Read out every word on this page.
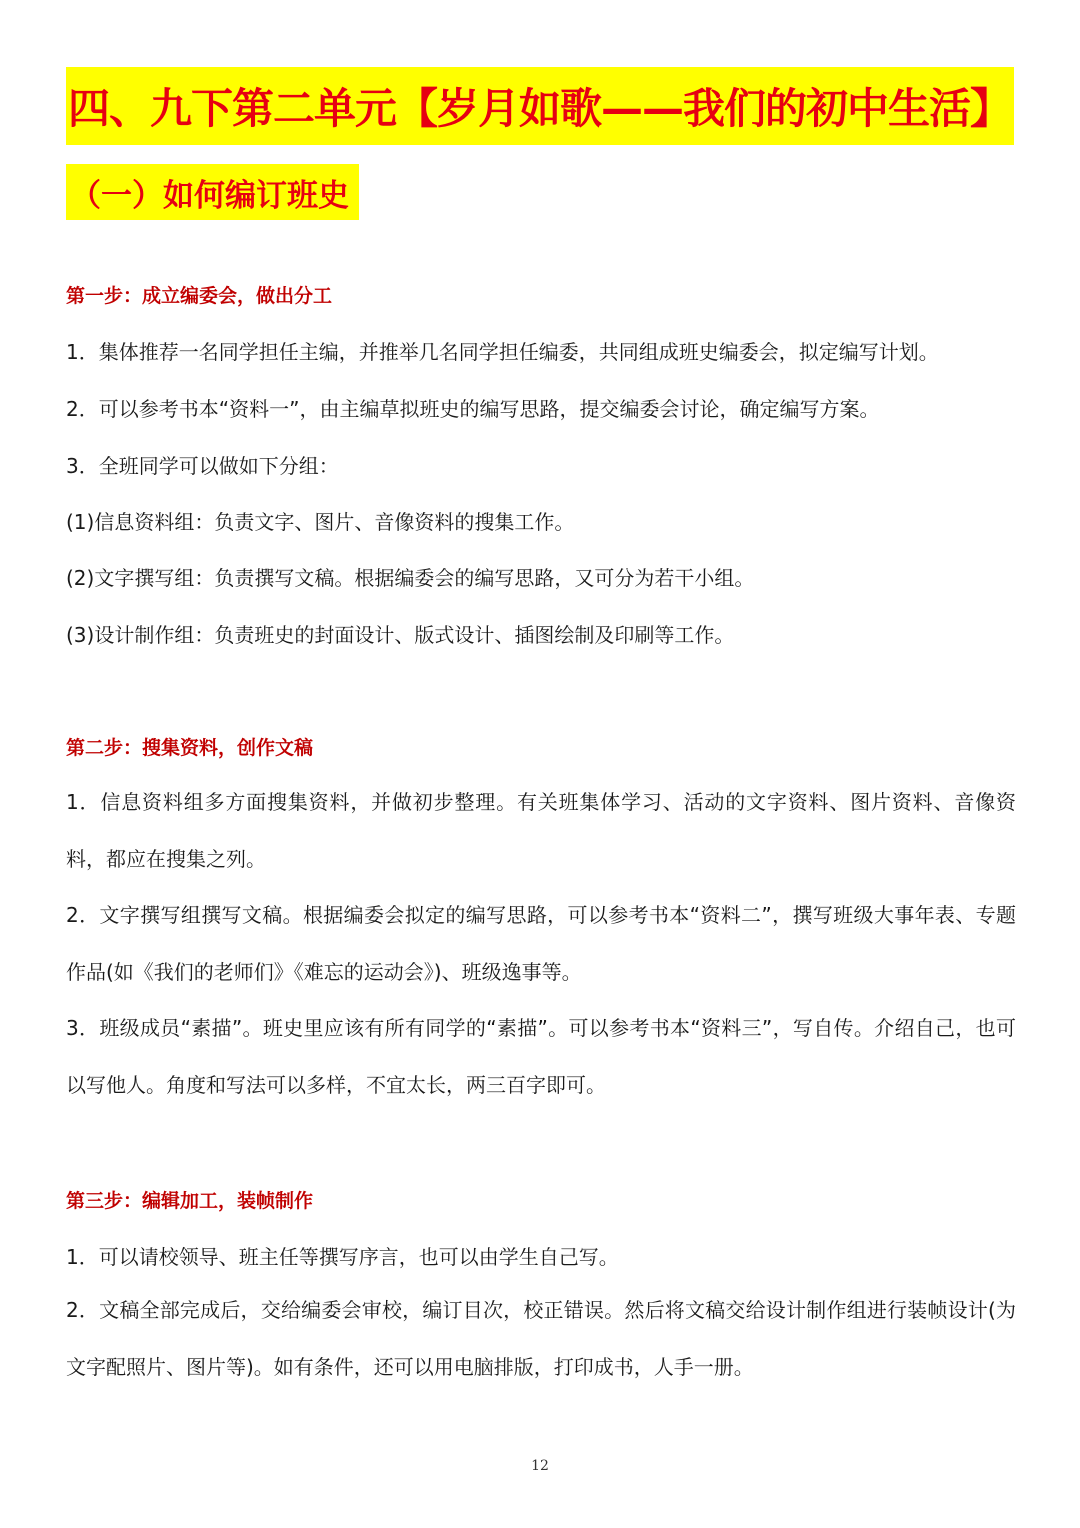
四、九下第二单元【岁月如歌——我们的初中生活】
（一）如何编订班史
第一步：成立编委会，做出分工
1．集体推荐一名同学担任主编，并推举几名同学担任编委，共同组成班史编委会，拟定编写计划。
2．可以参考书本“资料一”，由主编草拟班史的编写思路，提交编委会讨论，确定编写方案。
3．全班同学可以做如下分组：
(1)信息资料组：负责文字、图片、音像资料的搜集工作。
(2)文字撰写组：负责撰写文稿。根据编委会的编写思路，又可分为若干小组。
(3)设计制作组：负责班史的封面设计、版式设计、插图绘制及印刷等工作。
第二步：搜集资料，创作文稿
1．信息资料组多方面搜集资料，并做初步整理。有关班集体学习、活动的文字资料、图片资料、音像资料，都应在搜集之列。
2．文字撰写组撰写文稿。根据编委会拟定的编写思路，可以参考书本“资料二”，撰写班级大事年表、专题作品(如《我们的老师们》《难忘的运动会》)、班级逸事等。
3．班级成员“素描”。班史里应该有所有同学的“素描”。可以参考书本“资料三”，写自传。介绍自己，也可以写他人。角度和写法可以多样，不宜太长，两三百字即可。
第三步：编辑加工，装帧制作
1．可以请校领导、班主任等撰写序言，也可以由学生自己写。
2．文稿全部完成后，交给编委会审校，编订目次，校正错误。然后将文稿交给设计制作组进行装帧设计(为文字配照片、图片等)。如有条件，还可以用电脑排版，打印成书，人手一册。
12
